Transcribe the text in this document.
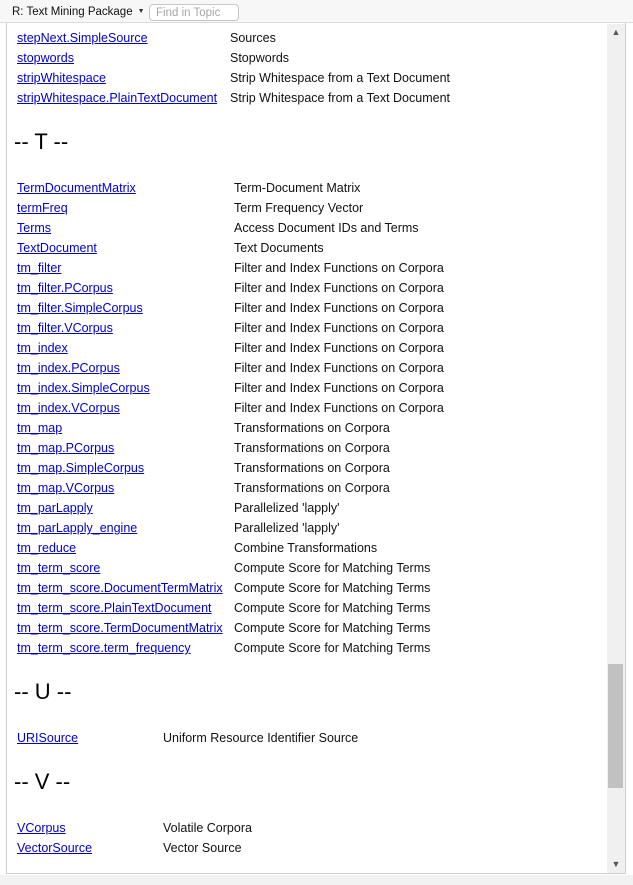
R: Text Mining Package ▼
Find in Topic
stepNext.SimpleSource	Sources
stopwords	Stopwords
stripWhitespace	Strip Whitespace from a Text Document
stripWhitespace.PlainTextDocument Strip Whitespace from a Text Document
-- T --
TermDocumentMatrix	Term-Document Matrix
termFreq	Term Frequency Vector
Terms	Access Document IDs and Terms
TextDocument	Text Documents
tm_filter	Filter and Index Functions on Corpora
tm_filter.PCorpus	Filter and Index Functions on Corpora
tm_filter.SimpleCorpus	Filter and Index Functions on Corpora
tm_filter.VCorpus	Filter and Index Functions on Corpora
tm_index	Filter and Index Functions on Corpora
tm_index.PCorpus	Filter and Index Functions on Corpora
tm_index.SimpleCorpus	Filter and Index Functions on Corpora
tm_index.VCorpus	Filter and Index Functions on Corpora
tm_map	Transformations on Corpora
tm_map.PCorpus	Transformations on Corpora
tm_map.SimpleCorpus	Transformations on Corpora
tm_map.VCorpus	Transformations on Corpora
tm_parLapply	Parallelized 'lapply'
tm_parLapply_engine	Parallelized 'lapply'
tm_reduce	Combine Transformations
tm_term_score	Compute Score for Matching Terms
tm_term_score.DocumentTermMatrix Compute Score for Matching Terms
tm_term_score.PlainTextDocument Compute Score for Matching Terms
tm_term_score.TermDocumentMatrix Compute Score for Matching Terms
tm_term_score.term_frequency	Compute Score for Matching Terms
-- U --
URISource	Uniform Resource Identifier Source
-- V --
VCorpus	Volatile Corpora
VectorSource	Vector Source
▲
▼
